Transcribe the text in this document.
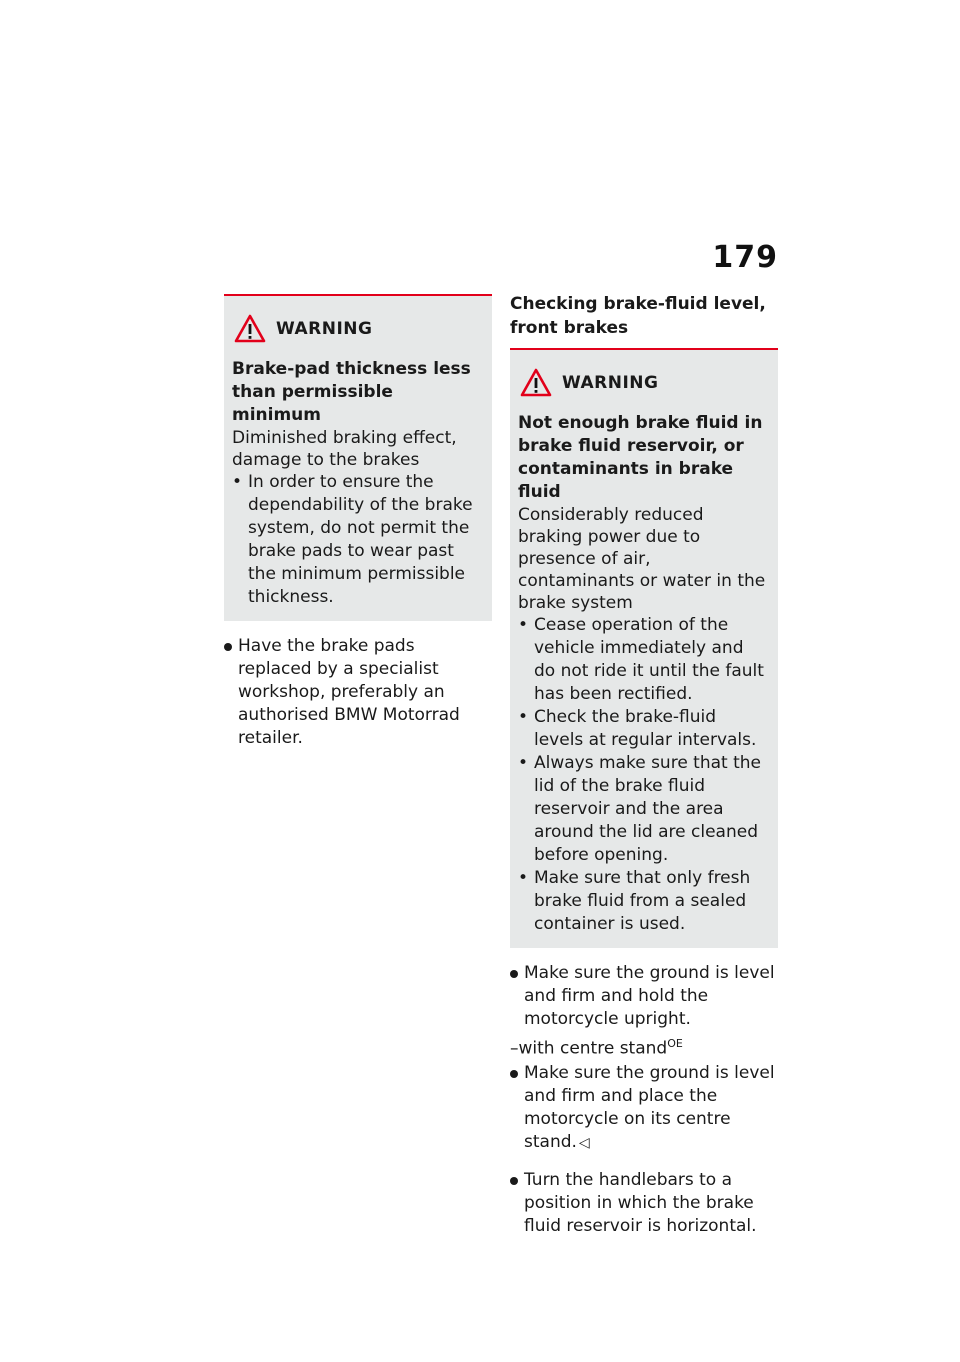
179
WARNING
Brake-pad thickness less than permissible minimum
Diminished braking effect, damage to the brakes
• In order to ensure the dependability of the brake system, do not permit the brake pads to wear past the minimum permissible thickness.
Have the brake pads replaced by a specialist workshop, preferably an authorised BMW Motorrad retailer.
Checking brake-fluid level, front brakes
WARNING
Not enough brake fluid in brake fluid reservoir, or contaminants in brake fluid
Considerably reduced braking power due to presence of air, contaminants or water in the brake system
• Cease operation of the vehicle immediately and do not ride it until the fault has been rectified.
• Check the brake-fluid levels at regular intervals.
• Always make sure that the lid of the brake fluid reservoir and the area around the lid are cleaned before opening.
• Make sure that only fresh brake fluid from a sealed container is used.
Make sure the ground is level and firm and hold the motorcycle upright.
–with centre stand$^{OE}$
Make sure the ground is level and firm and place the motorcycle on its centre stand. ◁
Turn the handlebars to a position in which the brake fluid reservoir is horizontal.
